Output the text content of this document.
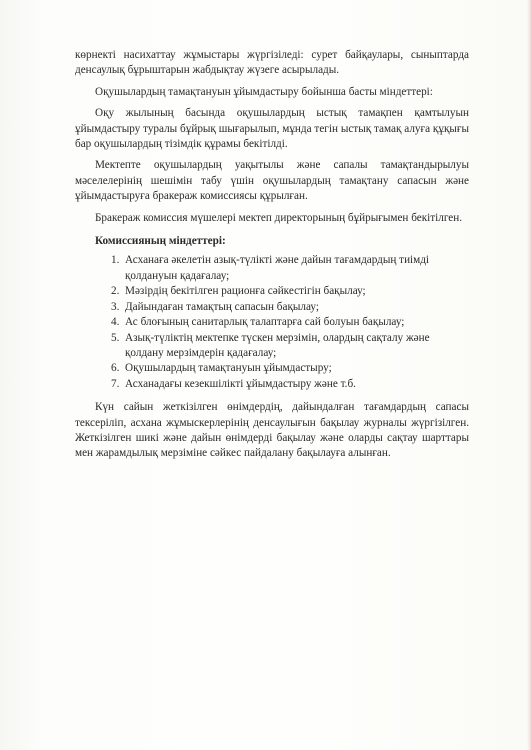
көрнекті насихаттау жұмыстары жүргізіледі: сурет байқаулары, сыныптарда денсаулық бұрыштарын жабдықтау жүзеге асырылады.

Оқушылардың тамақтануын ұйымдастыру бойынша басты міндеттері:

Оқу жылының басында оқушылардың ыстық тамақпен қамтылуын ұйымдастыру туралы бұйрық шығарылып, мұнда тегін ыстық тамақ алуға құқығы бар оқушылардың тізімдік құрамы бекітілді.

Мектепте оқушылардың уақытылы және сапалы тамақтандырылуы мәселелерінің шешімін табу үшін оқушылардың тамақтану сапасын және ұйымдастыруға бракераж комиссиясы құрылған.

Бракераж комиссия мүшелері мектеп директорының бұйрығымен бекітілген.

Комиссияның міндеттері:

1. Асханаға әкелетін азық-түлікті және дайын тағамдардың тиімді қолдануын қадағалау;
2. Мәзірдің бекітілген рационға сәйкестігін бақылау;
3. Дайындаған тамақтың сапасын бақылау;
4. Ас блоғының санитарлық талаптарға сай болуын бақылау;
5. Азық-түліктің мектепке түскен мерзімін, олардың сақталу және қолдану мерзімдерін қадағалау;
6. Оқушылардың тамақтануын ұйымдастыру;
7. Асханадағы кезекшілікті ұйымдастыру және т.б.

Күн сайын жеткізілген өнімдердің, дайындалған тағамдардың сапасы тексеріліп, асхана жұмыскерлерінің денсаулығын бақылау журналы жүргізілген. Жеткізілген шикі және дайын өнімдерді бақылау және оларды сақтау шарттары мен жарамдылық мерзіміне сәйкес пайдалану бақылауға алынған.
